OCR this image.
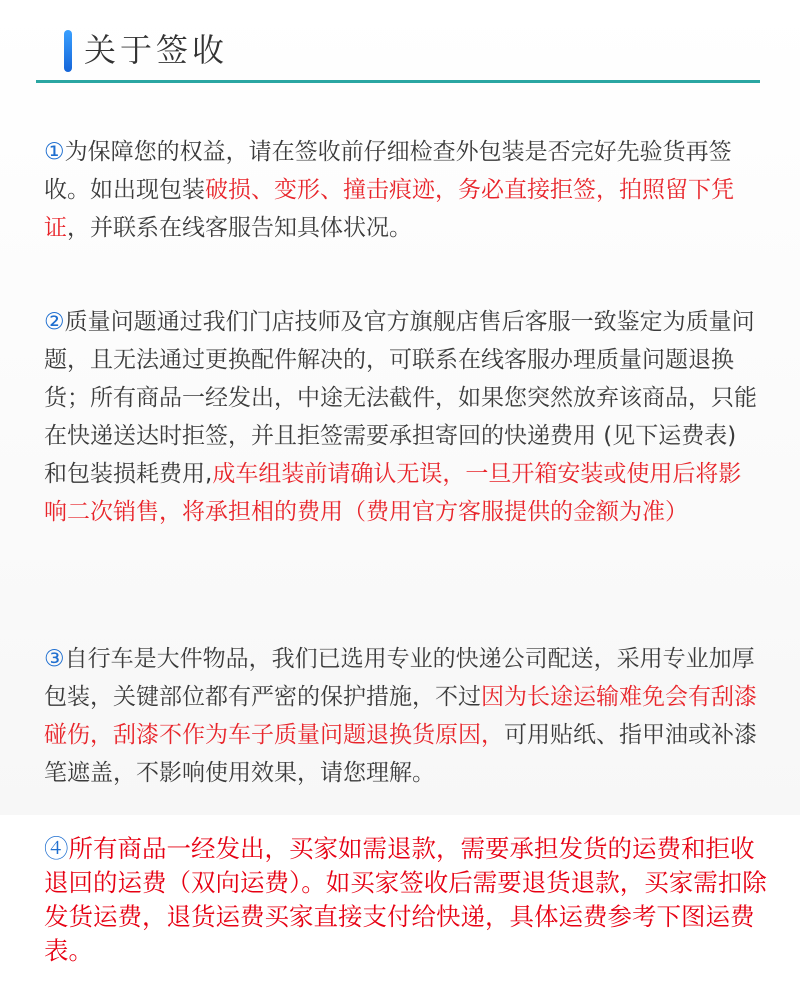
关于签收
①为保障您的权益，请在签收前仔细检查外包装是否完好先验货再签收。如出现包装破损、变形、撞击痕迹，务必直接拒签，拍照留下凭证，并联系在线客服告知具体状况。
②质量问题通过我们门店技师及官方旗舰店售后客服一致鉴定为质量问题，且无法通过更换配件解决的，可联系在线客服办理质量问题退换货；所有商品一经发出，中途无法截件，如果您突然放弃该商品，只能在快递送达时拒签，并且拒签需要承担寄回的快递费用 (见下运费表) 和包装损耗费用,成车组装前请确认无误，一旦开箱安装或使用后将影响二次销售，将承担相的费用（费用官方客服提供的金额为准）
③自行车是大件物品，我们已选用专业的快递公司配送，采用专业加厚包装，关键部位都有严密的保护措施，不过因为长途运输难免会有刮漆碰伤，刮漆不作为车子质量问题退换货原因，可用贴纸、指甲油或补漆笔遮盖，不影响使用效果，请您理解。
④所有商品一经发出，买家如需退款，需要承担发货的运费和拒收退回的运费（双向运费）。如买家签收后需要退货退款，买家需扣除发货运费，退货运费买家直接支付给快递，具体运费参考下图运费表。
